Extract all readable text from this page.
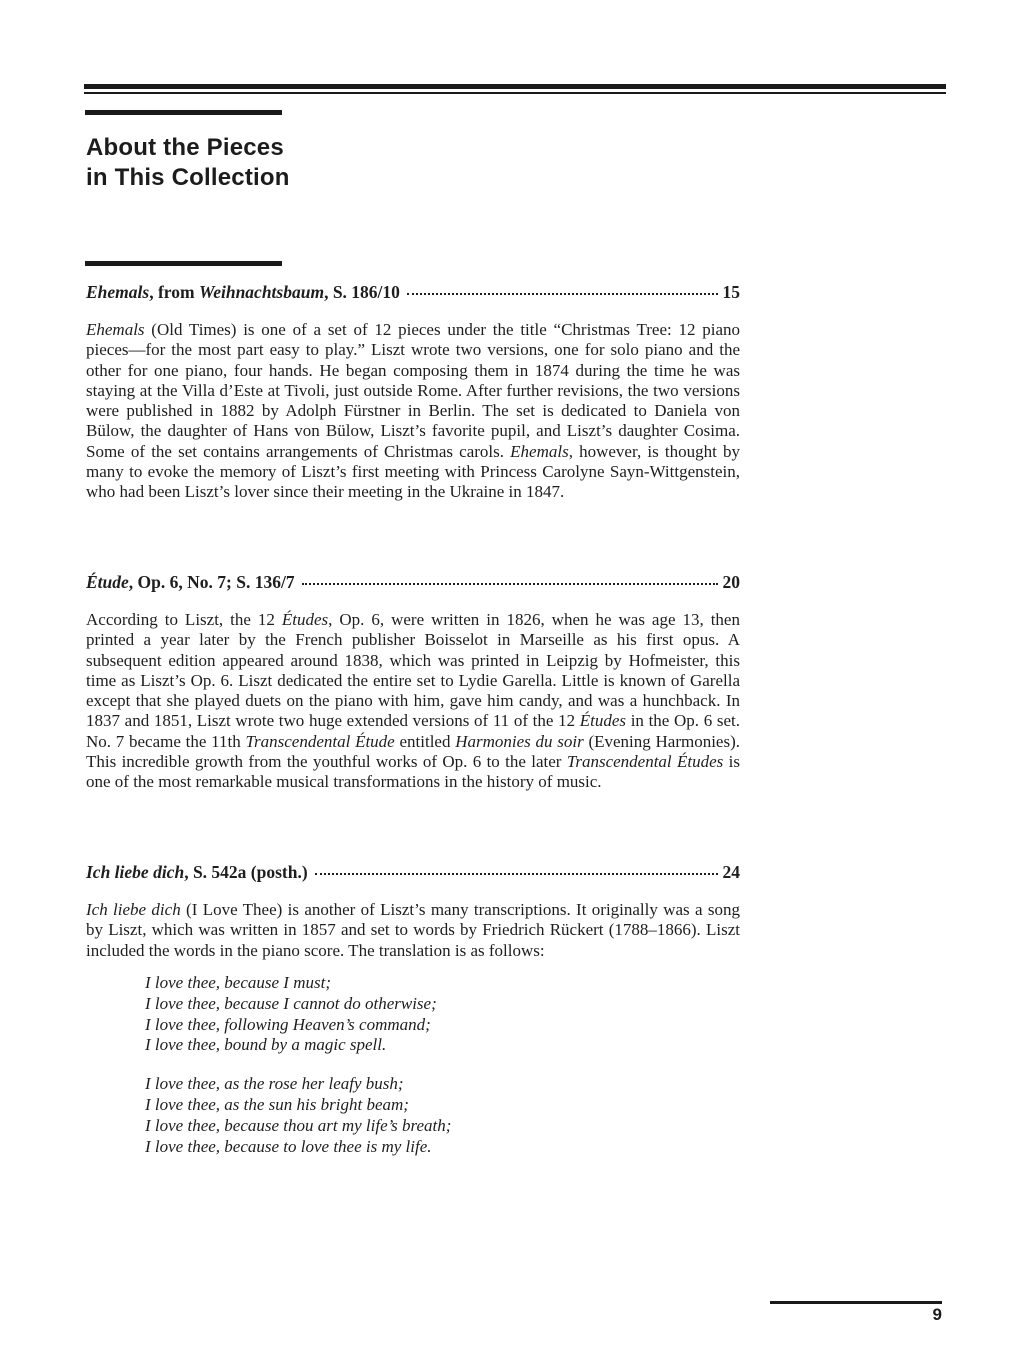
About the Pieces
in This Collection
Ehemals, from Weihnachtsbaum, S. 186/10	15

Ehemals (Old Times) is one of a set of 12 pieces under the title “Christmas Tree: 12 piano pieces—for the most part easy to play.” Liszt wrote two versions, one for solo piano and the other for one piano, four hands. He began composing them in 1874 during the time he was staying at the Villa d’Este at Tivoli, just outside Rome. After further revisions, the two versions were published in 1882 by Adolph Fürstner in Berlin. The set is dedicated to Daniela von Bülow, the daughter of Hans von Bülow, Liszt’s favorite pupil, and Liszt’s daughter Cosima. Some of the set contains arrangements of Christmas carols. Ehemals, however, is thought by many to evoke the memory of Liszt’s first meeting with Princess Carolyne Sayn-Wittgenstein, who had been Liszt’s lover since their meeting in the Ukraine in 1847.

Étude, Op. 6, No. 7; S. 136/7	20

According to Liszt, the 12 Études, Op. 6, were written in 1826, when he was age 13, then printed a year later by the French publisher Boisselot in Marseille as his first opus. A subsequent edition appeared around 1838, which was printed in Leipzig by Hofmeister, this time as Liszt’s Op. 6. Liszt dedicated the entire set to Lydie Garella. Little is known of Garella except that she played duets on the piano with him, gave him candy, and was a hunchback. In 1837 and 1851, Liszt wrote two huge extended versions of 11 of the 12 Études in the Op. 6 set. No. 7 became the 11th Transcendental Étude entitled Harmonies du soir (Evening Harmonies). This incredible growth from the youthful works of Op. 6 to the later Transcendental Études is one of the most remarkable musical transformations in the history of music.

Ich liebe dich, S. 542a (posth.)	24

Ich liebe dich (I Love Thee) is another of Liszt’s many transcriptions. It originally was a song by Liszt, which was written in 1857 and set to words by Friedrich Rückert (1788–1866). Liszt included the words in the piano score. The translation is as follows:

I love thee, because I must;
I love thee, because I cannot do otherwise;
I love thee, following Heaven’s command;
I love thee, bound by a magic spell.
I love thee, as the rose her leafy bush;
I love thee, as the sun his bright beam;
I love thee, because thou art my life’s breath;
I love thee, because to love thee is my life.
9
